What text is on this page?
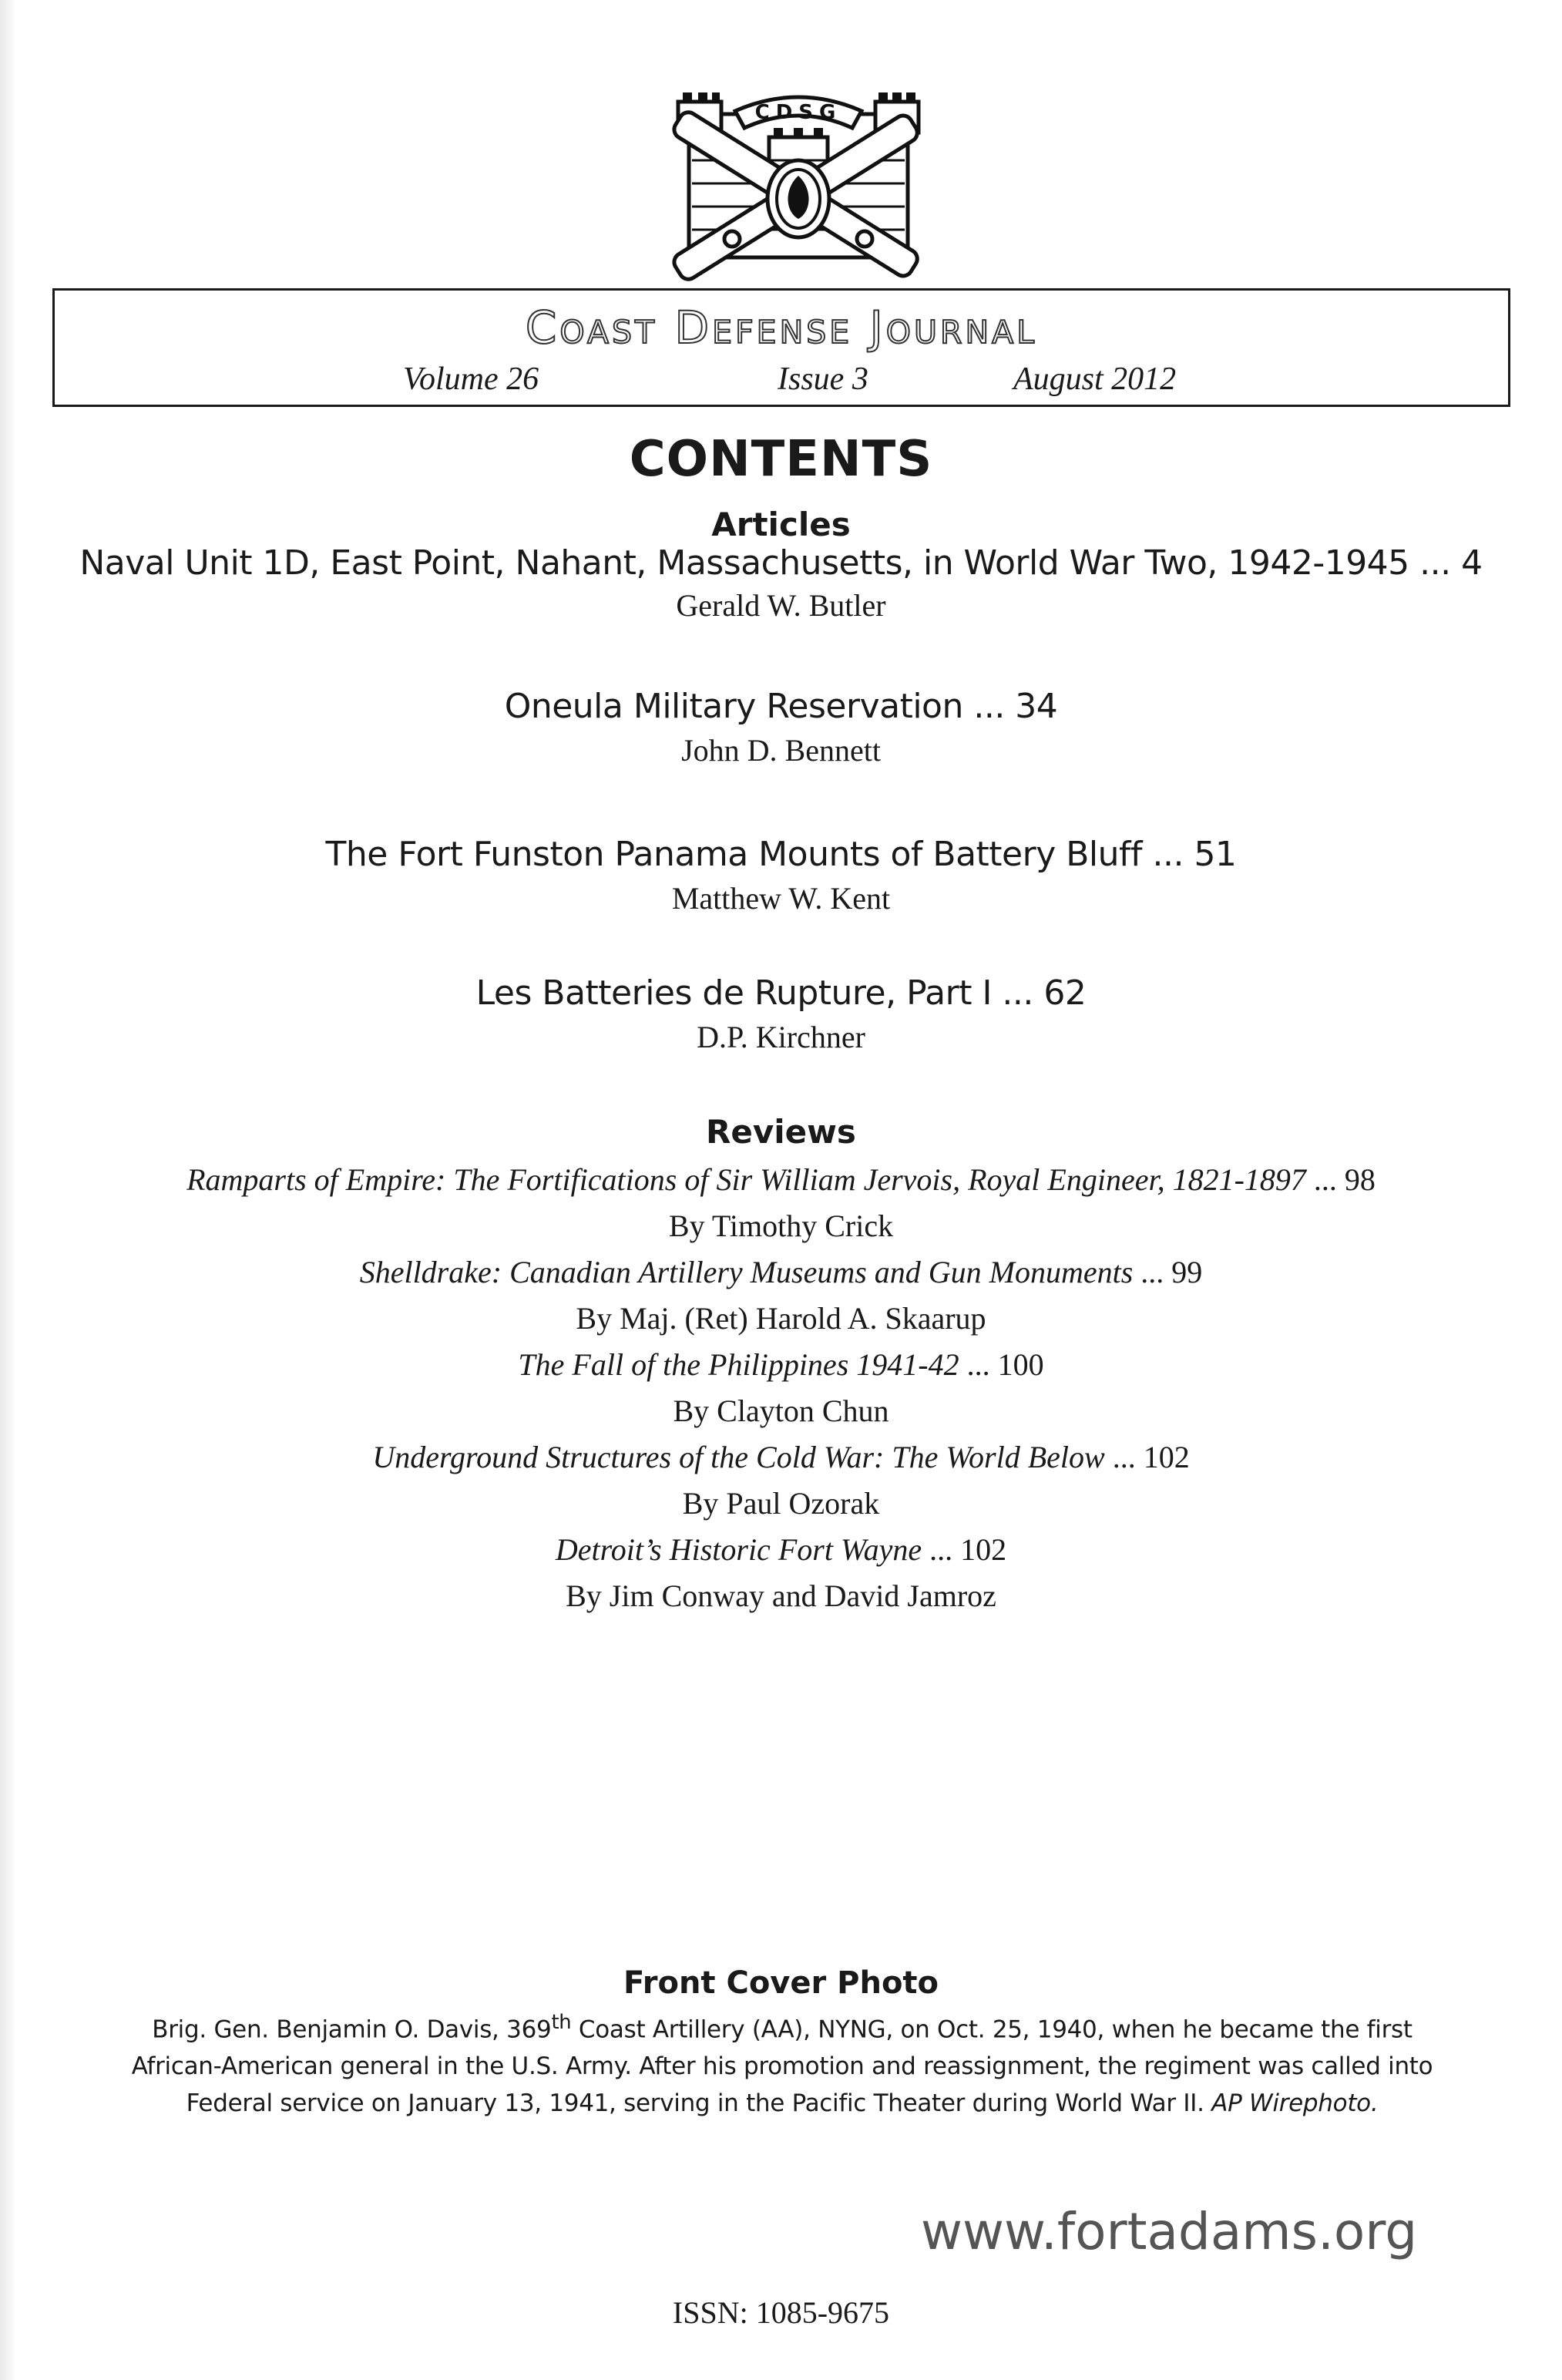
CDSG
Coast Defense Journal
Volume 26	Issue 3	August 2012
CONTENTS
Articles
Naval Unit 1D, East Point, Nahant, Massachusetts, in World War Two, 1942-1945 ... 4
Gerald W. Butler
Oneula Military Reservation ... 34
John D. Bennett
The Fort Funston Panama Mounts of Battery Bluff ... 51
Matthew W. Kent
Les Batteries de Rupture, Part I ... 62
D.P. Kirchner
Reviews
Ramparts of Empire: The Fortifications of Sir William Jervois, Royal Engineer, 1821-1897 ... 98
By Timothy Crick
Shelldrake: Canadian Artillery Museums and Gun Monuments ... 99
By Maj. (Ret) Harold A. Skaarup
The Fall of the Philippines 1941-42 ... 100
By Clayton Chun
Underground Structures of the Cold War: The World Below ... 102
By Paul Ozorak
Detroit’s Historic Fort Wayne ... 102
By Jim Conway and David Jamroz
Front Cover Photo
Brig. Gen. Benjamin O. Davis, 369th Coast Artillery (AA), NYNG, on Oct. 25, 1940, when he became the first African-American general in the U.S. Army. After his promotion and reassignment, the regiment was called into Federal service on January 13, 1941, serving in the Pacific Theater during World War II. AP Wirephoto.
www.fortadams.org
ISSN: 1085-9675
